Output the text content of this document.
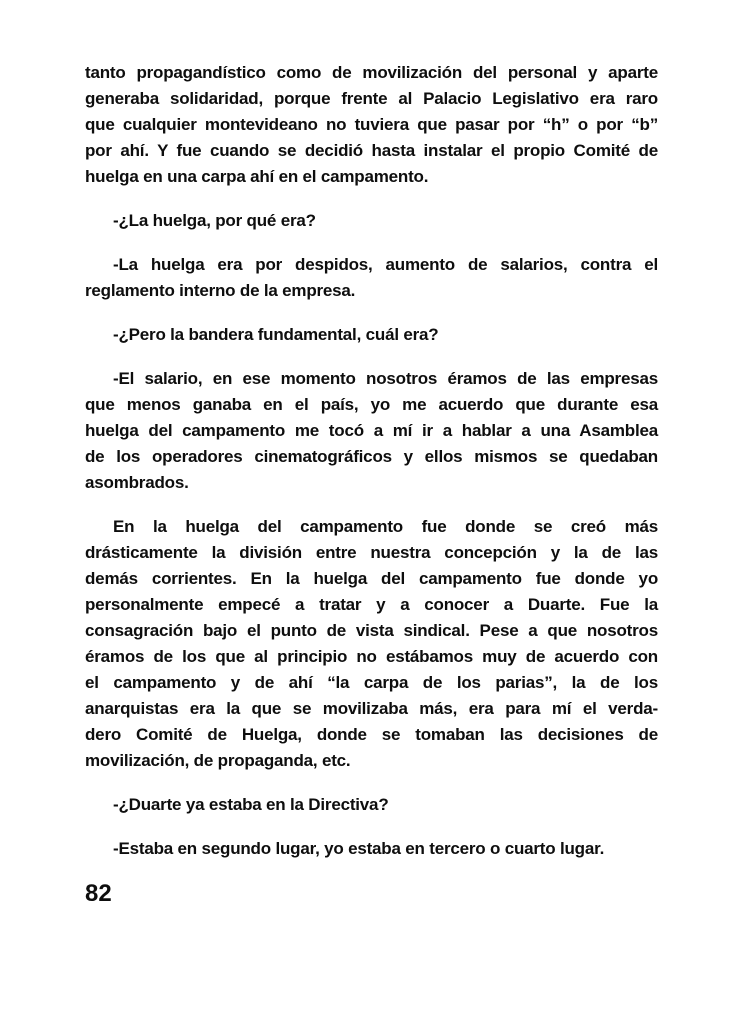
tanto propagandístico como de movilización del personal y aparte
generaba solidaridad, porque frente al Palacio Legislativo era raro
que cualquier montevideano no tuviera que pasar por “h” o por “b”
por ahí. Y fue cuando se decidió hasta instalar el propio Comité de
huelga en una carpa ahí en el campamento.

-¿La huelga, por qué era?

-La huelga era por despidos, aumento de salarios, contra el
reglamento interno de la empresa.

-¿Pero la bandera fundamental, cuál era?

-El salario, en ese momento nosotros éramos de las empresas
que menos ganaba en el país, yo me acuerdo que durante esa
huelga del campamento me tocó a mí ir a hablar a una Asamblea
de los operadores cinematográficos y ellos mismos se quedaban
asombrados.

En la huelga del campamento fue donde se creó más
drásticamente la división entre nuestra concepción y la de las
demás corrientes. En la huelga del campamento fue donde yo
personalmente empecé a tratar y a conocer a Duarte. Fue la
consagración bajo el punto de vista sindical. Pese a que nosotros
éramos de los que al principio no estábamos muy de acuerdo con
el campamento y de ahí “la carpa de los parias”, la de los
anarquistas era la que se movilizaba más, era para mí el verda-
dero Comité de Huelga, donde se tomaban las decisiones de
movilización, de propaganda, etc.

-¿Duarte ya estaba en la Directiva?

-Estaba en segundo lugar, yo estaba en tercero o cuarto lugar.

82
